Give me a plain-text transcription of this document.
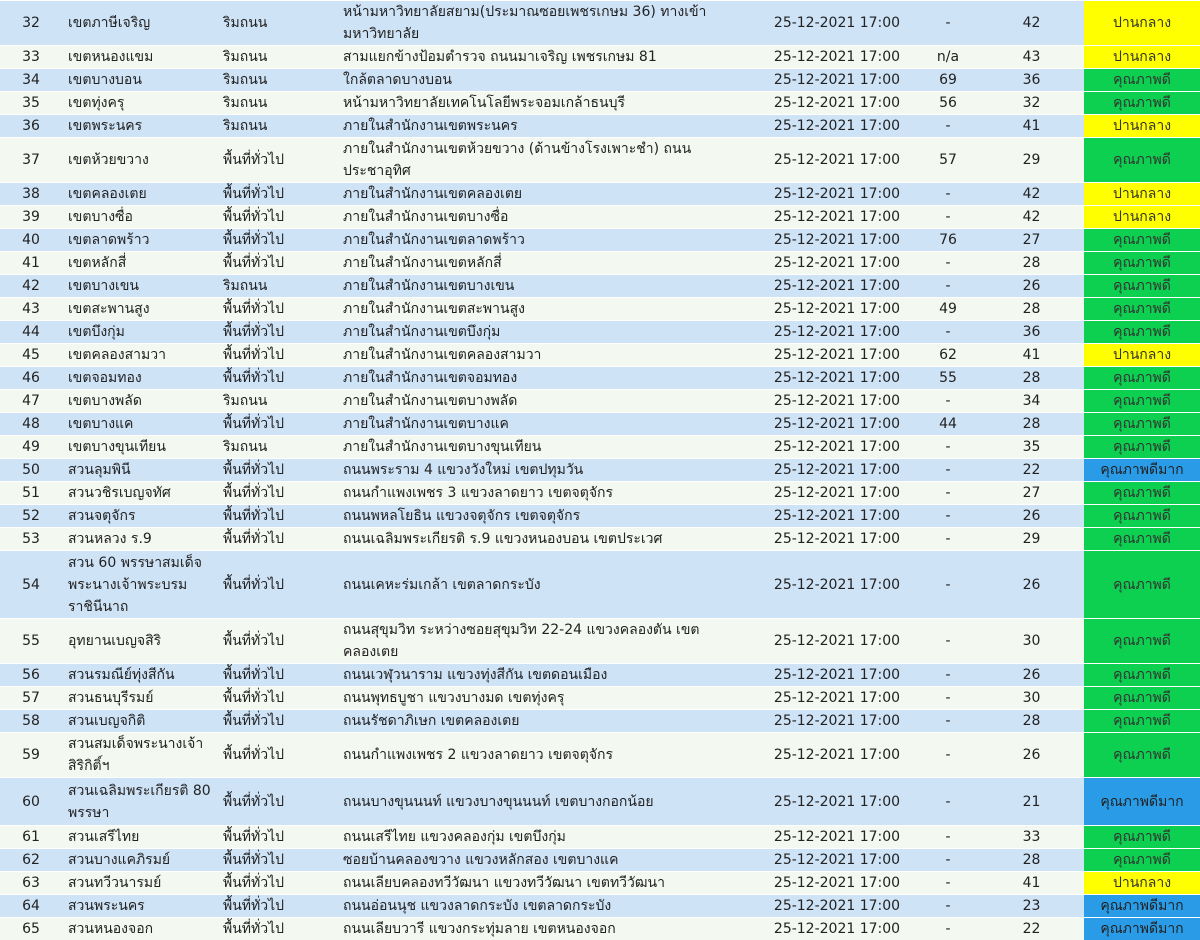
32	เขตภาษีเจริญ	ริมถนน	หน้ามหาวิทยาลัยสยาม(ประมาณซอยเพชรเกษม 36) ทางเข้ามหาวิทยาลัย	25-12-2021 17:00	-	42	ปานกลาง
33	เขตหนองแขม	ริมถนน	สามแยกข้างป้อมตำรวจ ถนนมาเจริญ เพชรเกษม 81	25-12-2021 17:00	n/a	43	ปานกลาง
34	เขตบางบอน	ริมถนน	ใกล้ตลาดบางบอน	25-12-2021 17:00	69	36	คุณภาพดี
35	เขตทุ่งครุ	ริมถนน	หน้ามหาวิทยาลัยเทคโนโลยีพระจอมเกล้าธนบุรี	25-12-2021 17:00	56	32	คุณภาพดี
36	เขตพระนคร	ริมถนน	ภายในสำนักงานเขตพระนคร	25-12-2021 17:00	-	41	ปานกลาง
37	เขตห้วยขวาง	พื้นที่ทั่วไป	ภายในสำนักงานเขตห้วยขวาง (ด้านข้างโรงเพาะชำ) ถนนประชาอุทิศ	25-12-2021 17:00	57	29	คุณภาพดี
38	เขตคลองเตย	พื้นที่ทั่วไป	ภายในสำนักงานเขตคลองเตย	25-12-2021 17:00	-	42	ปานกลาง
39	เขตบางซื่อ	พื้นที่ทั่วไป	ภายในสำนักงานเขตบางซื่อ	25-12-2021 17:00	-	42	ปานกลาง
40	เขตลาดพร้าว	พื้นที่ทั่วไป	ภายในสำนักงานเขตลาดพร้าว	25-12-2021 17:00	76	27	คุณภาพดี
41	เขตหลักสี่	พื้นที่ทั่วไป	ภายในสำนักงานเขตหลักสี่	25-12-2021 17:00	-	28	คุณภาพดี
42	เขตบางเขน	ริมถนน	ภายในสำนักงานเขตบางเขน	25-12-2021 17:00	-	26	คุณภาพดี
43	เขตสะพานสูง	พื้นที่ทั่วไป	ภายในสำนักงานเขตสะพานสูง	25-12-2021 17:00	49	28	คุณภาพดี
44	เขตบึงกุ่ม	พื้นที่ทั่วไป	ภายในสำนักงานเขตบึงกุ่ม	25-12-2021 17:00	-	36	คุณภาพดี
45	เขตคลองสามวา	พื้นที่ทั่วไป	ภายในสำนักงานเขตคลองสามวา	25-12-2021 17:00	62	41	ปานกลาง
46	เขตจอมทอง	พื้นที่ทั่วไป	ภายในสำนักงานเขตจอมทอง	25-12-2021 17:00	55	28	คุณภาพดี
47	เขตบางพลัด	ริมถนน	ภายในสำนักงานเขตบางพลัด	25-12-2021 17:00	-	34	คุณภาพดี
48	เขตบางแค	พื้นที่ทั่วไป	ภายในสำนักงานเขตบางแค	25-12-2021 17:00	44	28	คุณภาพดี
49	เขตบางขุนเทียน	ริมถนน	ภายในสำนักงานเขตบางขุนเทียน	25-12-2021 17:00	-	35	คุณภาพดี
50	สวนลุมพินี	พื้นที่ทั่วไป	ถนนพระราม 4 แขวงวังใหม่ เขตปทุมวัน	25-12-2021 17:00	-	22	คุณภาพดีมาก
51	สวนวชิรเบญจทัศ	พื้นที่ทั่วไป	ถนนกำแพงเพชร 3 แขวงลาดยาว เขตจตุจักร	25-12-2021 17:00	-	27	คุณภาพดี
52	สวนจตุจักร	พื้นที่ทั่วไป	ถนนพหลโยธิน แขวงจตุจักร เขตจตุจักร	25-12-2021 17:00	-	26	คุณภาพดี
53	สวนหลวง ร.9	พื้นที่ทั่วไป	ถนนเฉลิมพระเกียรติ ร.9 แขวงหนองบอน เขตประเวศ	25-12-2021 17:00	-	29	คุณภาพดี
54	สวน 60 พรรษาสมเด็จพระนางเจ้าพระบรมราชินีนาถ	พื้นที่ทั่วไป	ถนนเคหะร่มเกล้า เขตลาดกระบัง	25-12-2021 17:00	-	26	คุณภาพดี
55	อุทยานเบญจสิริ	พื้นที่ทั่วไป	ถนนสุขุมวิท ระหว่างซอยสุขุมวิท 22-24 แขวงคลองตัน เขตคลองเตย	25-12-2021 17:00	-	30	คุณภาพดี
56	สวนรมณีย์ทุ่งสีกัน	พื้นที่ทั่วไป	ถนนเวฬุวนาราม แขวงทุ่งสีกัน เขตดอนเมือง	25-12-2021 17:00	-	26	คุณภาพดี
57	สวนธนบุรีรมย์	พื้นที่ทั่วไป	ถนนพุทธบูชา แขวงบางมด เขตทุ่งครุ	25-12-2021 17:00	-	30	คุณภาพดี
58	สวนเบญจกิติ	พื้นที่ทั่วไป	ถนนรัชดาภิเษก เขตคลองเตย	25-12-2021 17:00	-	28	คุณภาพดี
59	สวนสมเด็จพระนางเจ้าสิริกิติ์ฯ	พื้นที่ทั่วไป	ถนนกำแพงเพชร 2 แขวงลาดยาว เขตจตุจักร	25-12-2021 17:00	-	26	คุณภาพดี
60	สวนเฉลิมพระเกียรติ 80 พรรษา	พื้นที่ทั่วไป	ถนนบางขุนนนท์ แขวงบางขุนนนท์ เขตบางกอกน้อย	25-12-2021 17:00	-	21	คุณภาพดีมาก
61	สวนเสรีไทย	พื้นที่ทั่วไป	ถนนเสรีไทย แขวงคลองกุ่ม เขตบึงกุ่ม	25-12-2021 17:00	-	33	คุณภาพดี
62	สวนบางแคภิรมย์	พื้นที่ทั่วไป	ซอยบ้านคลองขวาง แขวงหลักสอง เขตบางแค	25-12-2021 17:00	-	28	คุณภาพดี
63	สวนทวีวนารมย์	พื้นที่ทั่วไป	ถนนเลียบคลองทวีวัฒนา แขวงทวีวัฒนา เขตทวีวัฒนา	25-12-2021 17:00	-	41	ปานกลาง
64	สวนพระนคร	พื้นที่ทั่วไป	ถนนอ่อนนุช แขวงลาดกระบัง เขตลาดกระบัง	25-12-2021 17:00	-	23	คุณภาพดีมาก
65	สวนหนองจอก	พื้นที่ทั่วไป	ถนนเลียบวารี แขวงกระทุ่มลาย เขตหนองจอก	25-12-2021 17:00	-	22	คุณภาพดีมาก
